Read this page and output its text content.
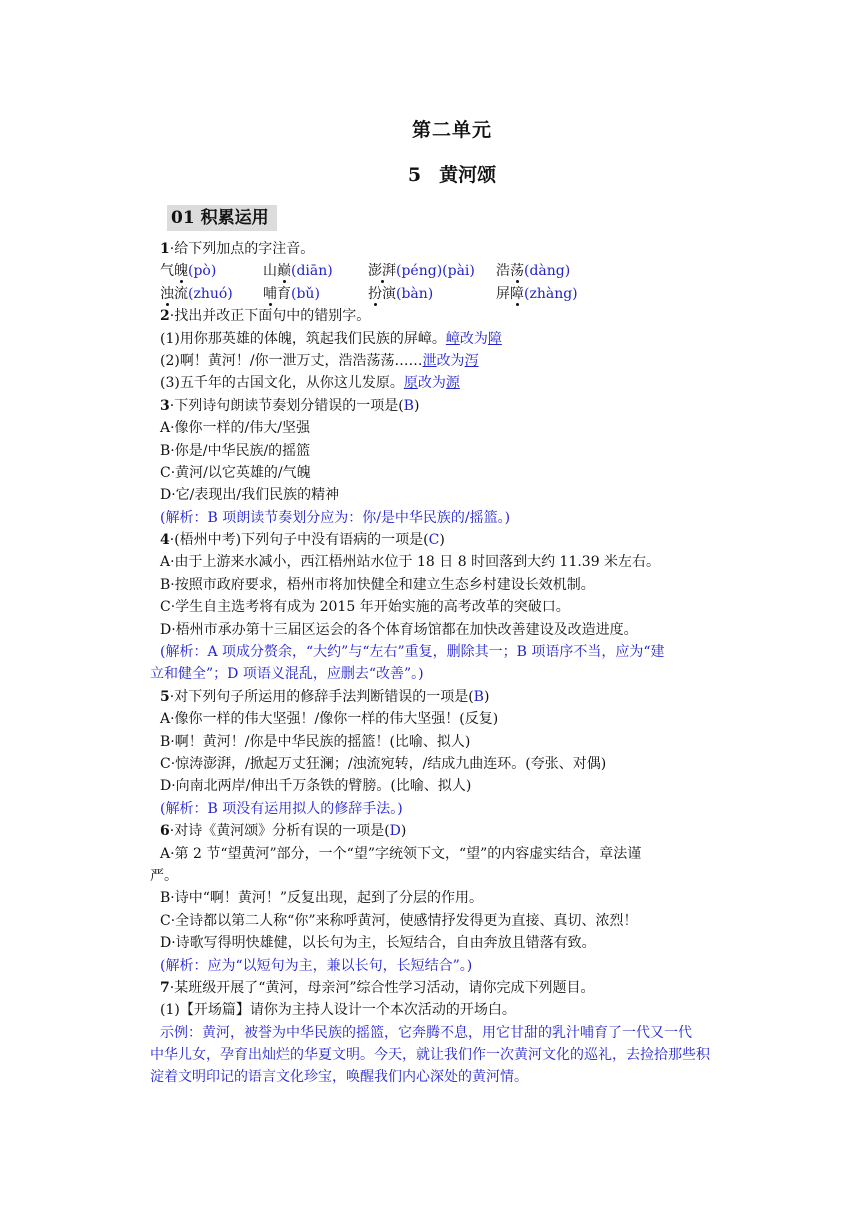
第二单元
5 黄河颂
01 积累运用
1·给下列加点的字注音。
气魄(pò)	山巅(diān)	澎湃(péng)(pài)	浩荡(dàng)
浊流(zhuó)	哺育(bǔ)	扮演(bàn)	屏障(zhàng)
2·找出并改正下面句中的错别字。
(1)用你那英雄的体魄，筑起我们民族的屏嶂。嶂改为障
(2)啊！黄河！/你一泄万丈，浩浩荡荡……泄改为泻
(3)五千年的古国文化，从你这儿发原。原改为源
3·下列诗句朗读节奏划分错误的一项是(B)
A·像你一样的/伟大/坚强
B·你是/中华民族/的摇篮
C·黄河/以它英雄的/气魄
D·它/表现出/我们民族的精神
(解析：B 项朗读节奏划分应为：你/是中华民族的/摇篮。)
4·(梧州中考)下列句子中没有语病的一项是(C)
A·由于上游来水减小，西江梧州站水位于 18 日 8 时回落到大约 11.39 米左右。
B·按照市政府要求，梧州市将加快健全和建立生态乡村建设长效机制。
C·学生自主选考将有成为 2015 年开始实施的高考改革的突破口。
D·梧州市承办第十三届区运会的各个体育场馆都在加快改善建设及改造进度。
(解析：A 项成分赘余，“大约”与“左右”重复，删除其一；B 项语序不当，应为“建
立和健全”；D 项语义混乱，应删去“改善”。)
5·对下列句子所运用的修辞手法判断错误的一项是(B)
A·像你一样的伟大坚强！/像你一样的伟大坚强！(反复)
B·啊！黄河！/你是中华民族的摇篮！(比喻、拟人)
C·惊涛澎湃，/掀起万丈狂澜；/浊流宛转，/结成九曲连环。(夸张、对偶)
D·向南北两岸/伸出千万条铁的臂膀。(比喻、拟人)
(解析：B 项没有运用拟人的修辞手法。)
6·对诗《黄河颂》分析有误的一项是(D)
A·第 2 节“望黄河”部分，一个“望”字统领下文，“望”的内容虚实结合，章法谨
严。
B·诗中“啊！黄河！”反复出现，起到了分层的作用。
C·全诗都以第二人称“你”来称呼黄河，使感情抒发得更为直接、真切、浓烈！
D·诗歌写得明快雄健，以长句为主，长短结合，自由奔放且错落有致。
(解析：应为“以短句为主，兼以长句，长短结合”。)
7·某班级开展了“黄河，母亲河”综合性学习活动，请你完成下列题目。
(1)【开场篇】请你为主持人设计一个本次活动的开场白。
示例：黄河，被誉为中华民族的摇篮，它奔腾不息，用它甘甜的乳汁哺育了一代又一代
中华儿女，孕育出灿烂的华夏文明。今天，就让我们作一次黄河文化的巡礼，去捡拾那些积
淀着文明印记的语言文化珍宝，唤醒我们内心深处的黄河情。
